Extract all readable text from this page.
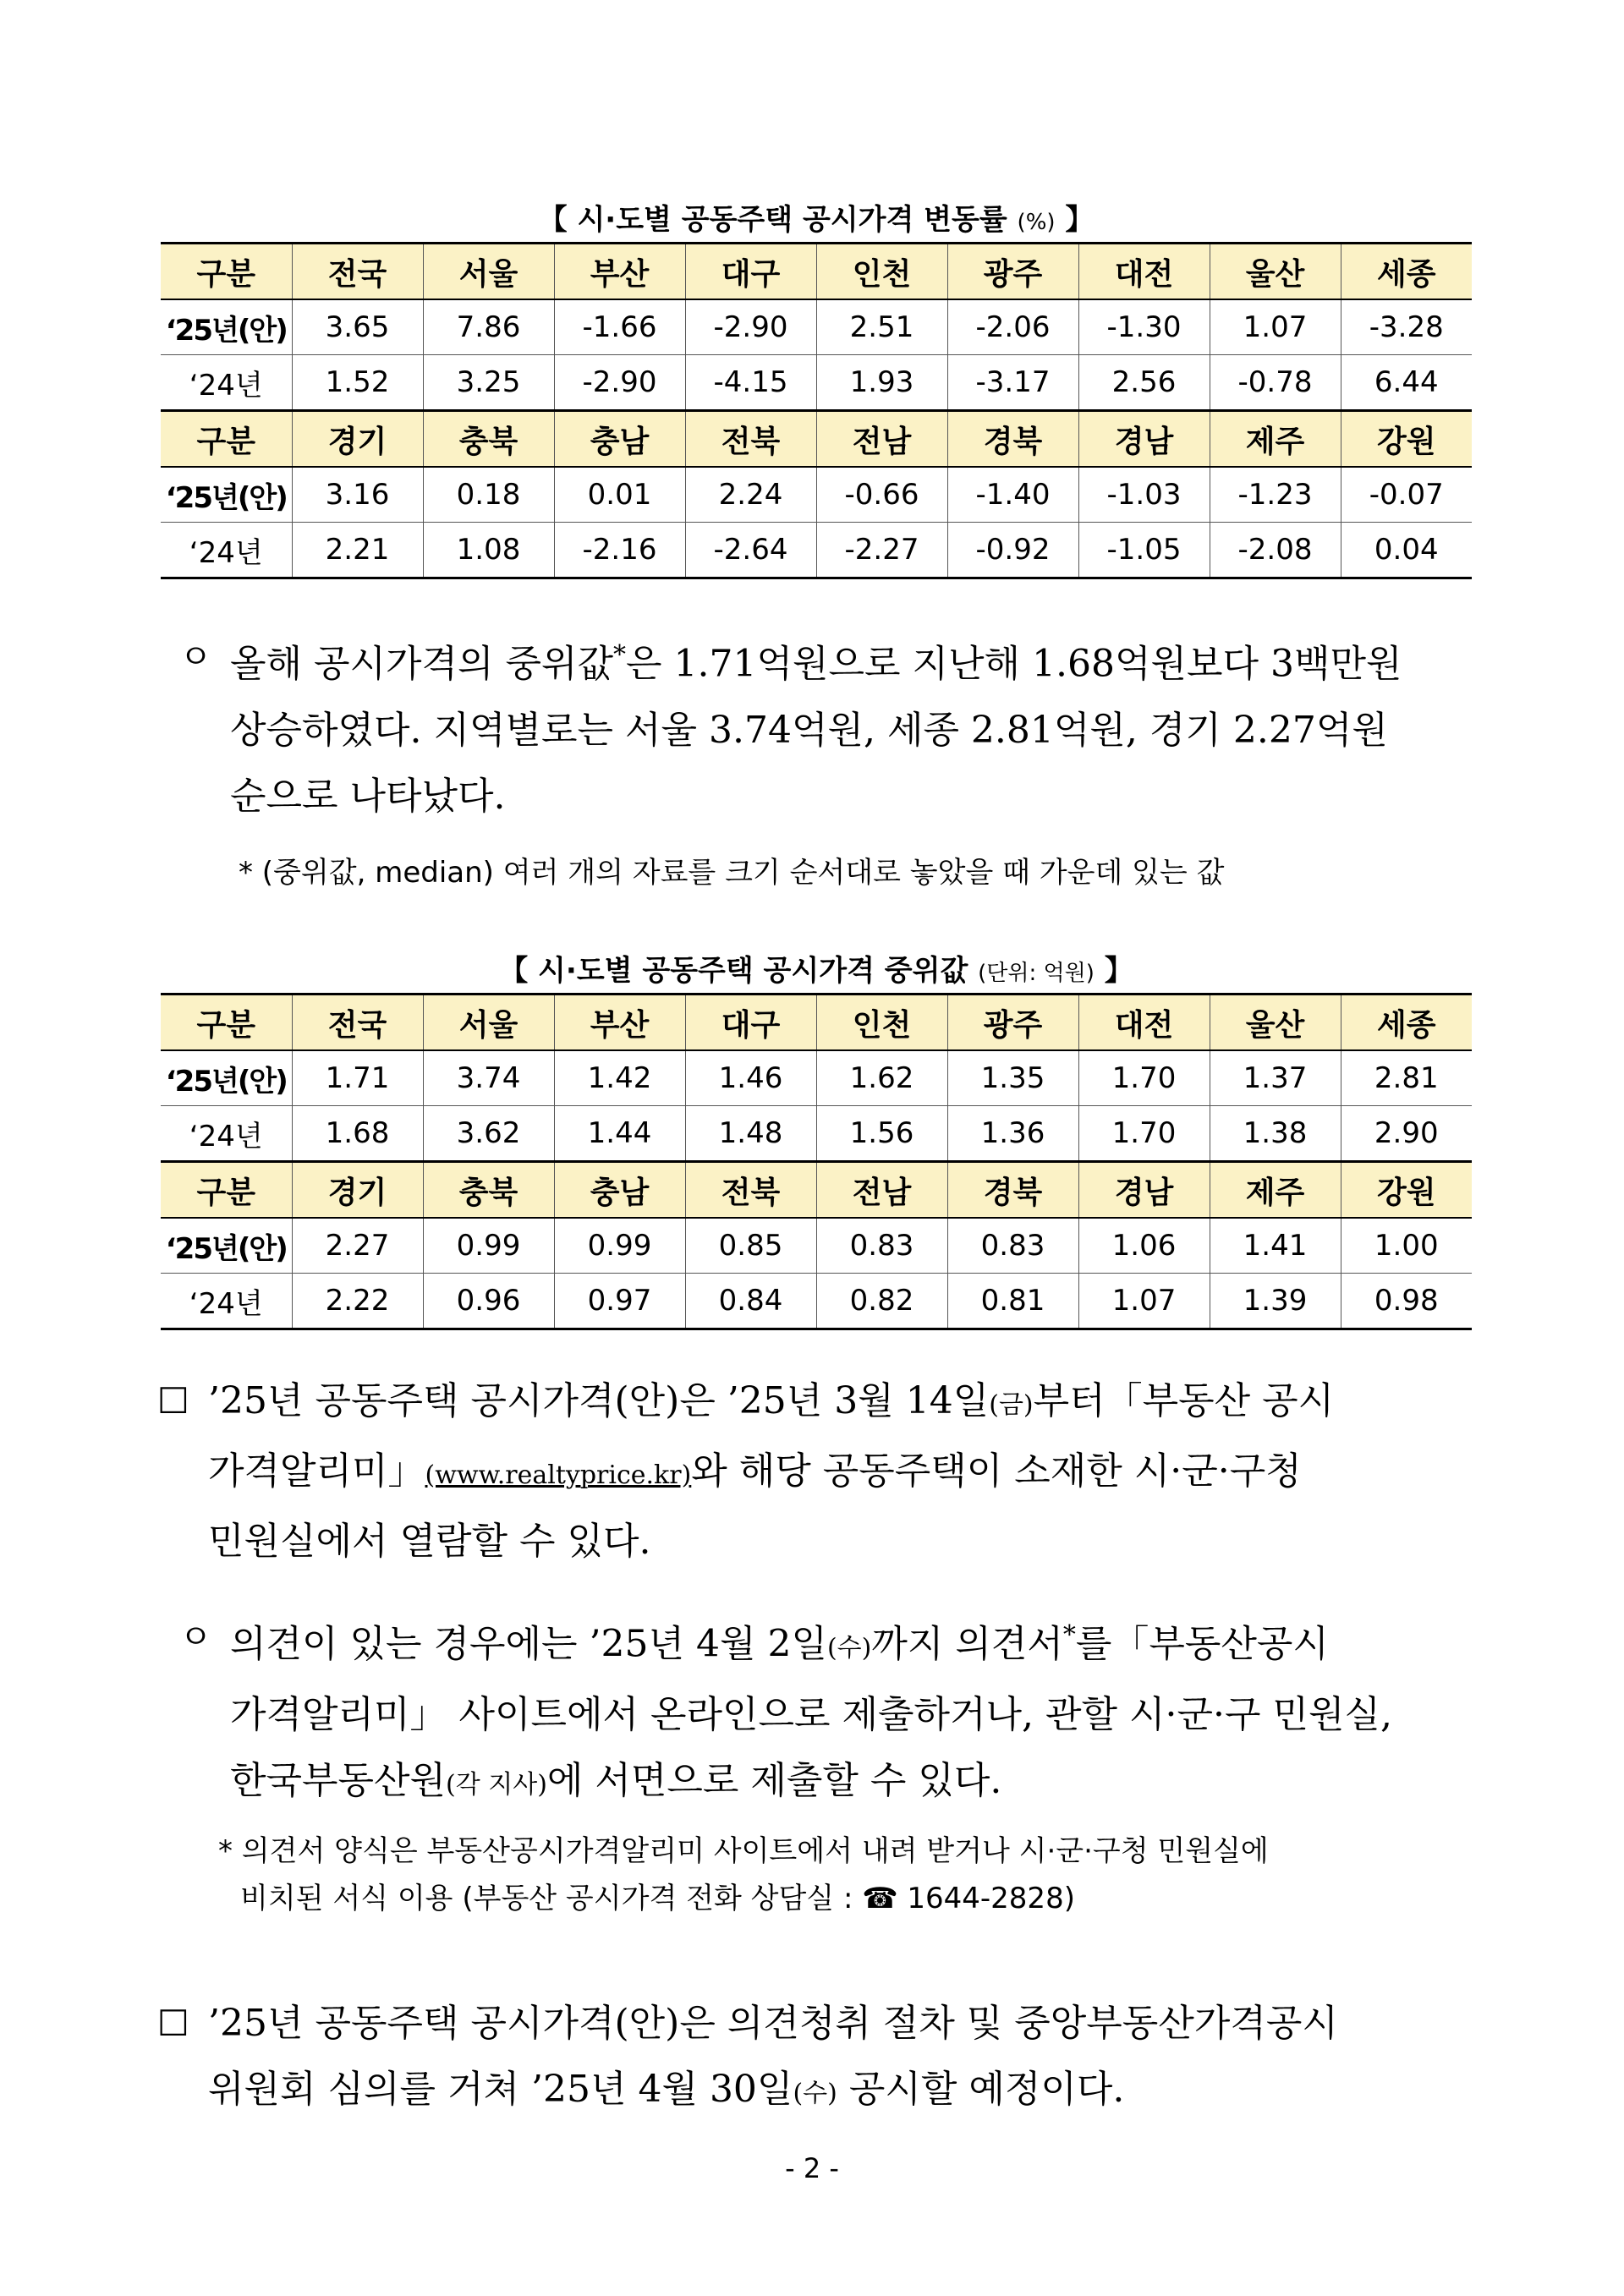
【 시·도별 공동주택 공시가격 변동률 (%) 】
구분	전국	서울	부산	대구	인천	광주	대전	울산	세종
‘25년(안)	3.65	7.86	-1.66	-2.90	2.51	-2.06	-1.30	1.07	-3.28
‘24년	1.52	3.25	-2.90	-4.15	1.93	-3.17	2.56	-0.78	6.44
구분	경기	충북	충남	전북	전남	경북	경남	제주	강원
‘25년(안)	3.16	0.18	0.01	2.24	-0.66	-1.40	-1.03	-1.23	-0.07
‘24년	2.21	1.08	-2.16	-2.64	-2.27	-0.92	-1.05	-2.08	0.04
ㅇ 올해 공시가격의 중위값*은 1.71억원으로 지난해 1.68억원보다 3백만원
상승하였다. 지역별로는 서울 3.74억원, 세종 2.81억원, 경기 2.27억원
순으로 나타났다.
* (중위값, median) 여러 개의 자료를 크기 순서대로 놓았을 때 가운데 있는 값
【 시·도별 공동주택 공시가격 중위값 (단위: 억원) 】
구분	전국	서울	부산	대구	인천	광주	대전	울산	세종
‘25년(안)	1.71	3.74	1.42	1.46	1.62	1.35	1.70	1.37	2.81
‘24년	1.68	3.62	1.44	1.48	1.56	1.36	1.70	1.38	2.90
구분	경기	충북	충남	전북	전남	경북	경남	제주	강원
‘25년(안)	2.27	0.99	0.99	0.85	0.83	0.83	1.06	1.41	1.00
‘24년	2.22	0.96	0.97	0.84	0.82	0.81	1.07	1.39	0.98
□ ’25년 공동주택 공시가격(안)은 ’25년 3월 14일(금)부터「부동산 공시
가격알리미」(www.realtyprice.kr)와 해당 공동주택이 소재한 시·군·구청
민원실에서 열람할 수 있다.
ㅇ 의견이 있는 경우에는 ’25년 4월 2일(수)까지 의견서*를「부동산공시
가격알리미」 사이트에서 온라인으로 제출하거나, 관할 시·군·구 민원실,
한국부동산원(각 지사)에 서면으로 제출할 수 있다.
* 의견서 양식은 부동산공시가격알리미 사이트에서 내려 받거나 시·군·구청 민원실에
비치된 서식 이용 (부동산 공시가격 전화 상담실 : ☎ 1644-2828)
□ ’25년 공동주택 공시가격(안)은 의견청취 절차 및 중앙부동산가격공시
위원회 심의를 거쳐 ’25년 4월 30일(수) 공시할 예정이다.
- 2 -
